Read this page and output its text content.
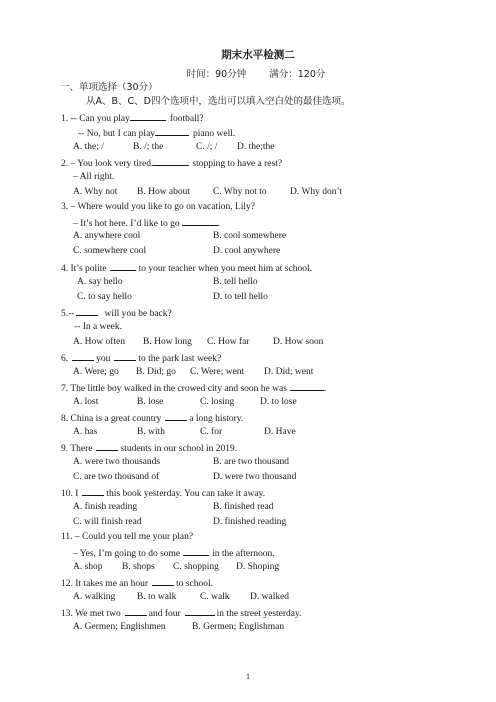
期末水平检测二
时间：90分钟 满分：120分
一、单项选择（30分）
从A、B、C、D四个选项中，选出可以填入空白处的最佳选项。
1. -- Can you play	football?
-- No, but I can play	piano well.
A. the; /	B. /; the	C. /; / D. the;the
2. – You look very tired.	stopping to have a rest?
– All right.
A. Why not B. How about C. Why not to D. Why don’t
3. – Where would you like to go on vacation, Lily?
– It’s hot here. I’d like to go	.
A. anywhere cool	B. cool somewhere
C. somewhere cool	D. cool anywhere
4. It’s polite	to your teacher when you meet him at school.
A. say hello	B. tell hello
C. to say hello	D. to tell hello
5.--	will you be back?
-- In a week.
A. How often B. How long C. How far D. How soon
6.	you	to the park last week?
A. Were; go B. Did; go C. Were; went D. Did; went
7. The little boy walked in the crowed city and soon he was	.
A. lost	B. lose	C. losing	D. to lose
8. China is a great country	a long history.
A. has	B. with	C. for	D. Have
9. There	students in our school in 2019.
A. were two thousands	B. are two thousand
C. are two thousand of	D. were two thousand
10. I	this book yesterday. You can take it away.
A. finish reading	B. finished read
C. will finish read	D. finished reading
11. – Could you tell me your plan?
– Yes, I’m going to do some	in the afternoon.
A. shop B. shops C. shopping D. Shoping
12. It takes me an hour	to school.
A. walking B. to walk C. walk D. walked
13. We met two	and four	in the street yesterday.
A. Germen; Englishmen	B. Germen; Englishman
1
